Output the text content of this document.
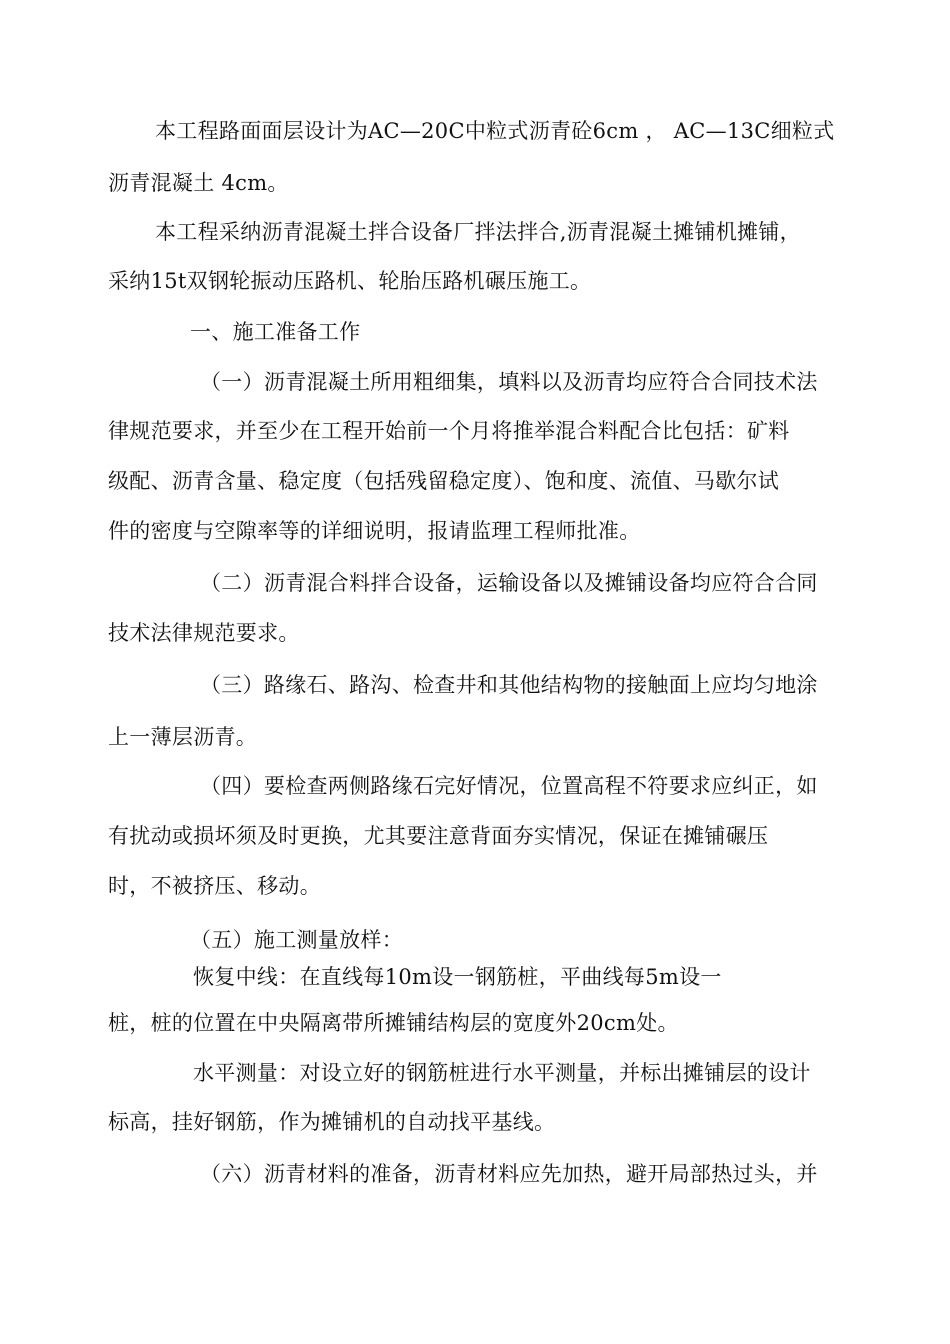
本工程路面面层设计为AC—20C中粒式沥青砼6cm ， AC—13C细粒式
沥青混凝土 4cm。
本工程采纳沥青混凝土拌合设备厂拌法拌合,沥青混凝土摊铺机摊铺，
采纳15t双钢轮振动压路机、轮胎压路机碾压施工。
一、施工准备工作
（一）沥青混凝土所用粗细集，填料以及沥青均应符合合同技术法
律规范要求，并至少在工程开始前一个月将推举混合料配合比包括：矿料
级配、沥青含量、稳定度（包括残留稳定度）、饱和度、流值、马歇尔试
件的密度与空隙率等的详细说明，报请监理工程师批准。
（二）沥青混合料拌合设备，运输设备以及摊铺设备均应符合合同
技术法律规范要求。
（三）路缘石、路沟、检查井和其他结构物的接触面上应均匀地涂
上一薄层沥青。
（四）要检查两侧路缘石完好情况，位置高程不符要求应纠正，如
有扰动或损坏须及时更换，尤其要注意背面夯实情况，保证在摊铺碾压
时，不被挤压、移动。
（五）施工测量放样：
恢复中线：在直线每10m设一钢筋桩，平曲线每5m设一
桩，桩的位置在中央隔离带所摊铺结构层的宽度外20cm处。
水平测量：对设立好的钢筋桩进行水平测量，并标出摊铺层的设计
标高，挂好钢筋，作为摊铺机的自动找平基线。
（六）沥青材料的准备，沥青材料应先加热，避开局部热过头，并
